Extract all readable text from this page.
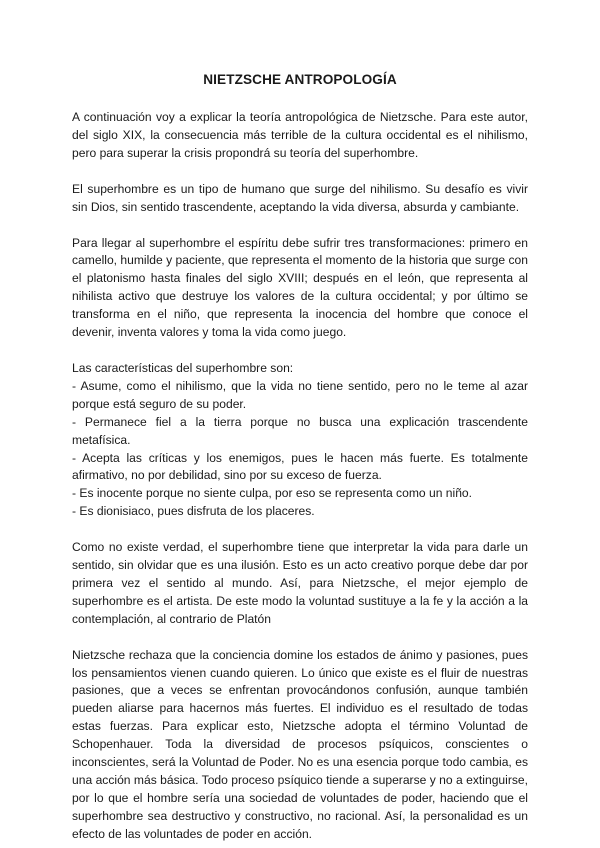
NIETZSCHE ANTROPOLOGÍA

A continuación voy a explicar la teoría antropológica de Nietzsche. Para este autor, del siglo XIX, la consecuencia más terrible de la cultura occidental es el nihilismo, pero para superar la crisis propondrá su teoría del superhombre.

El superhombre es un tipo de humano que surge del nihilismo. Su desafío es vivir sin Dios, sin sentido trascendente, aceptando la vida diversa, absurda y cambiante.

Para llegar al superhombre el espíritu debe sufrir tres transformaciones: primero en camello, humilde y paciente, que representa el momento de la historia que surge con el platonismo hasta finales del siglo XVIII; después en el león, que representa al nihilista activo que destruye los valores de la cultura occidental; y por último se transforma en el niño, que representa la inocencia del hombre que conoce el devenir, inventa valores y toma la vida como juego.

Las características del superhombre son:

- Asume, como el nihilismo, que la vida no tiene sentido, pero no le teme al azar porque está seguro de su poder.

- Permanece fiel a la tierra porque no busca una explicación trascendente metafísica.

- Acepta las críticas y los enemigos, pues le hacen más fuerte. Es totalmente afirmativo, no por debilidad, sino por su exceso de fuerza.

- Es inocente porque no siente culpa, por eso se representa como un niño.

- Es dionisiaco, pues disfruta de los placeres.

Como no existe verdad, el superhombre tiene que interpretar la vida para darle un sentido, sin olvidar que es una ilusión. Esto es un acto creativo porque debe dar por primera vez el sentido al mundo. Así, para Nietzsche, el mejor ejemplo de superhombre es el artista. De este modo la voluntad sustituye a la fe y la acción a la contemplación, al contrario de Platón

Nietzsche rechaza que la conciencia domine los estados de ánimo y pasiones, pues los pensamientos vienen cuando quieren. Lo único que existe es el fluir de nuestras pasiones, que a veces se enfrentan provocándonos confusión, aunque también pueden aliarse para hacernos más fuertes. El individuo es el resultado de todas estas fuerzas. Para explicar esto, Nietzsche adopta el término Voluntad de Schopenhauer. Toda la diversidad de procesos psíquicos, conscientes o inconscientes, será la Voluntad de Poder. No es una esencia porque todo cambia, es una acción más básica. Todo proceso psíquico tiende a superarse y no a extinguirse, por lo que el hombre sería una sociedad de voluntades de poder, haciendo que el superhombre sea destructivo y constructivo, no racional. Así, la personalidad es un efecto de las voluntades de poder en acción.
